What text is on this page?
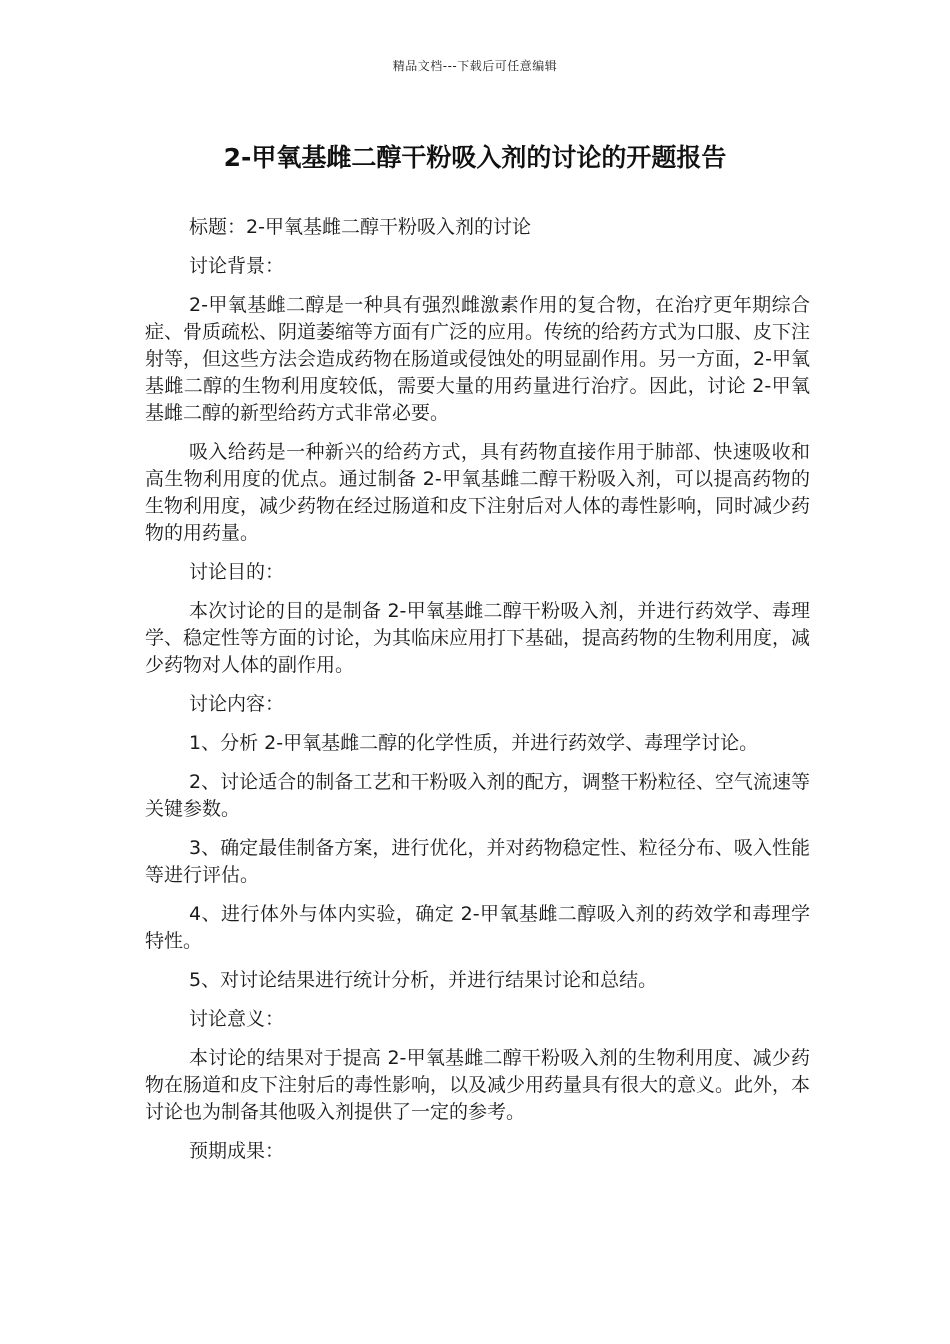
精品文档---下载后可任意编辑
2-甲氧基雌二醇干粉吸入剂的讨论的开题报告

标题：2-甲氧基雌二醇干粉吸入剂的讨论

讨论背景：

2-甲氧基雌二醇是一种具有强烈雌激素作用的复合物，在治疗更年期综合症、骨质疏松、阴道萎缩等方面有广泛的应用。传统的给药方式为口服、皮下注射等，但这些方法会造成药物在肠道或侵蚀处的明显副作用。另一方面，2-甲氧基雌二醇的生物利用度较低，需要大量的用药量进行治疗。因此，讨论 2-甲氧基雌二醇的新型给药方式非常必要。

吸入给药是一种新兴的给药方式，具有药物直接作用于肺部、快速吸收和高生物利用度的优点。通过制备 2-甲氧基雌二醇干粉吸入剂，可以提高药物的生物利用度，减少药物在经过肠道和皮下注射后对人体的毒性影响，同时减少药物的用药量。

讨论目的：

本次讨论的目的是制备 2-甲氧基雌二醇干粉吸入剂，并进行药效学、毒理学、稳定性等方面的讨论，为其临床应用打下基础，提高药物的生物利用度，减少药物对人体的副作用。

讨论内容：

1、分析 2-甲氧基雌二醇的化学性质，并进行药效学、毒理学讨论。

2、讨论适合的制备工艺和干粉吸入剂的配方，调整干粉粒径、空气流速等关键参数。

3、确定最佳制备方案，进行优化，并对药物稳定性、粒径分布、吸入性能等进行评估。

4、进行体外与体内实验，确定 2-甲氧基雌二醇吸入剂的药效学和毒理学特性。

5、对讨论结果进行统计分析，并进行结果讨论和总结。

讨论意义：

本讨论的结果对于提高 2-甲氧基雌二醇干粉吸入剂的生物利用度、减少药物在肠道和皮下注射后的毒性影响，以及减少用药量具有很大的意义。此外，本讨论也为制备其他吸入剂提供了一定的参考。

预期成果：
